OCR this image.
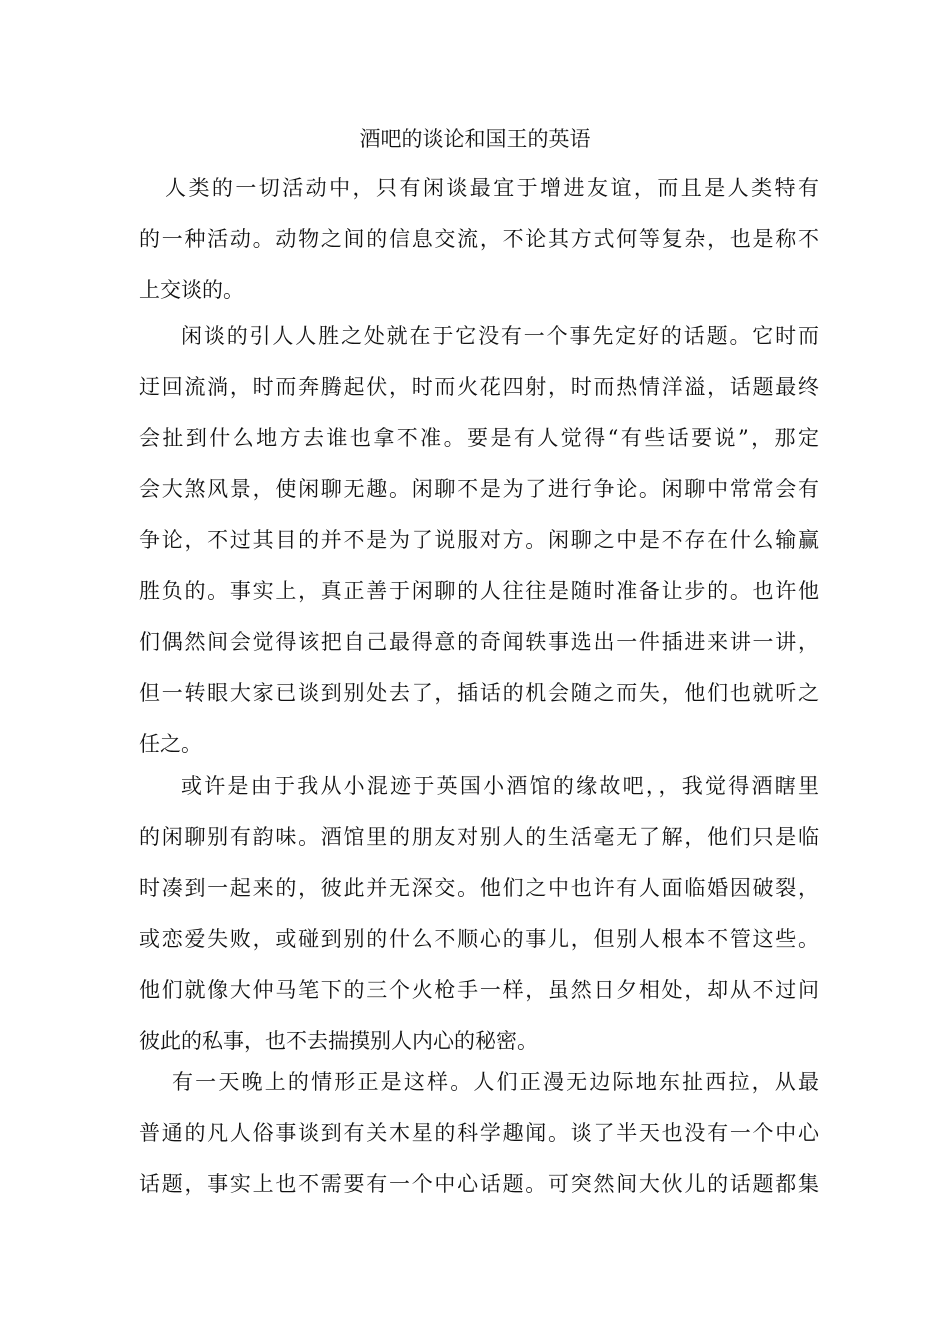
酒吧的谈论和国王的英语
人类的一切活动中，只有闲谈最宜于增进友谊，而且是人类特有
的一种活动。动物之间的信息交流，不论其方式何等复杂，也是称不
上交谈的。
闲谈的引人人胜之处就在于它没有一个事先定好的话题。它时而
迂回流淌，时而奔腾起伏，时而火花四射，时而热情洋溢，话题最终
会扯到什么地方去谁也拿不准。要是有人觉得“有些话要说”，那定
会大煞风景，使闲聊无趣。闲聊不是为了进行争论。闲聊中常常会有
争论，不过其目的并不是为了说服对方。闲聊之中是不存在什么输赢
胜负的。事实上，真正善于闲聊的人往往是随时准备让步的。也许他
们偶然间会觉得该把自己最得意的奇闻轶事选出一件插进来讲一讲，
但一转眼大家已谈到别处去了，插话的机会随之而失，他们也就听之
任之。
或许是由于我从小混迹于英国小酒馆的缘故吧，，我觉得酒瞎里
的闲聊别有韵味。酒馆里的朋友对别人的生活毫无了解，他们只是临
时凑到一起来的，彼此并无深交。他们之中也许有人面临婚因破裂，
或恋爱失败，或碰到别的什么不顺心的事儿，但别人根本不管这些。
他们就像大仲马笔下的三个火枪手一样，虽然日夕相处，却从不过问
彼此的私事，也不去揣摸别人内心的秘密。
有一天晚上的情形正是这样。人们正漫无边际地东扯西拉，从最
普通的凡人俗事谈到有关木星的科学趣闻。谈了半天也没有一个中心
话题，事实上也不需要有一个中心话题。可突然间大伙儿的话题都集
